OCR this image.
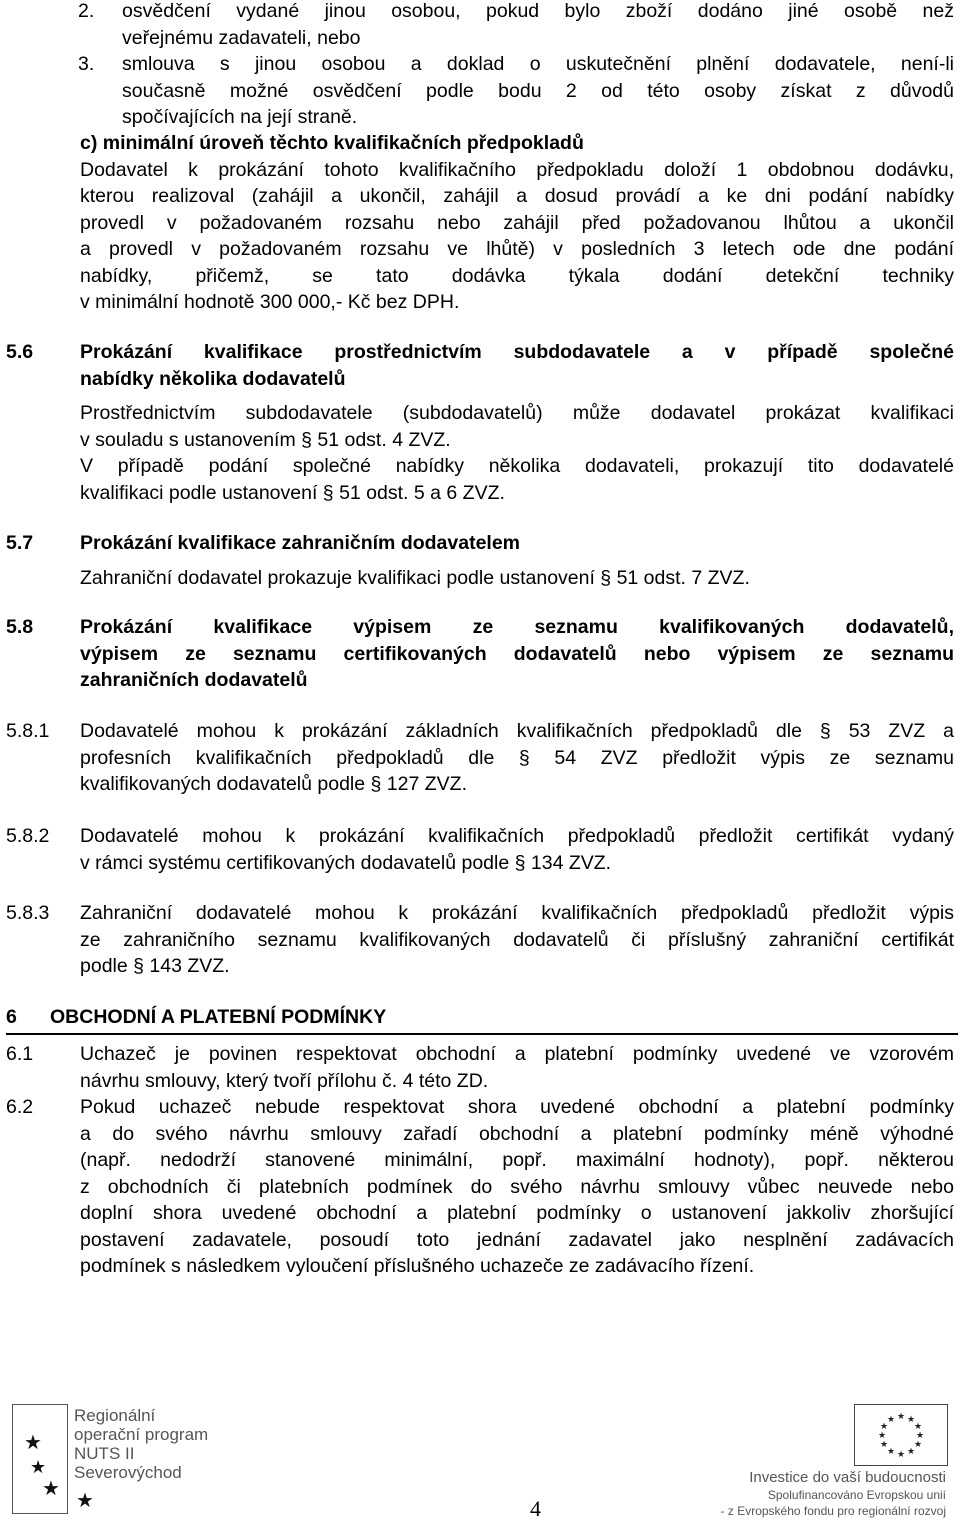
2. osvědčení vydané jinou osobou, pokud bylo zboží dodáno jiné osobě než
veřejnému zadavateli, nebo
3. smlouva s jinou osobou a doklad o uskutečnění plnění dodavatele, není-li
současně možné osvědčení podle bodu 2 od této osoby získat z důvodů
spočívajících na její straně.
c) minimální úroveň těchto kvalifikačních předpokladů
Dodavatel k prokázání tohoto kvalifikačního předpokladu doloží 1 obdobnou dodávku,
kterou realizoval (zahájil a ukončil, zahájil a dosud provádí a ke dni podání nabídky
provedl v požadovaném rozsahu nebo zahájil před požadovanou lhůtou a ukončil
a provedl v požadovaném rozsahu ve lhůtě) v posledních 3 letech ode dne podání
nabídky, přičemž, se tato dodávka týkala dodání detekční techniky
v minimální hodnotě 300 000,- Kč bez DPH.
5.6 Prokázání kvalifikace prostřednictvím subdodavatele a v případě společné
nabídky několika dodavatelů
Prostřednictvím subdodavatele (subdodavatelů) může dodavatel prokázat kvalifikaci
v souladu s ustanovením § 51 odst. 4 ZVZ.
V případě podání společné nabídky několika dodavateli, prokazují tito dodavatelé
kvalifikaci podle ustanovení § 51 odst. 5 a 6 ZVZ.
5.7 Prokázání kvalifikace zahraničním dodavatelem
Zahraniční dodavatel prokazuje kvalifikaci podle ustanovení § 51 odst. 7 ZVZ.
5.8 Prokázání kvalifikace výpisem ze seznamu kvalifikovaných dodavatelů,
výpisem ze seznamu certifikovaných dodavatelů nebo výpisem ze seznamu
zahraničních dodavatelů
5.8.1 Dodavatelé mohou k prokázání základních kvalifikačních předpokladů dle § 53 ZVZ a
profesních kvalifikačních předpokladů dle § 54 ZVZ předložit výpis ze seznamu
kvalifikovaných dodavatelů podle § 127 ZVZ.
5.8.2 Dodavatelé mohou k prokázání kvalifikačních předpokladů předložit certifikát vydaný
v rámci systému certifikovaných dodavatelů podle § 134 ZVZ.
5.8.3 Zahraniční dodavatelé mohou k prokázání kvalifikačních předpokladů předložit výpis
ze zahraničního seznamu kvalifikovaných dodavatelů či příslušný zahraniční certifikát
podle § 143 ZVZ.
6 OBCHODNÍ A PLATEBNÍ PODMÍNKY
6.1 Uchazeč je povinen respektovat obchodní a platební podmínky uvedené ve vzorovém
návrhu smlouvy, který tvoří přílohu č. 4 této ZD.
6.2 Pokud uchazeč nebude respektovat shora uvedené obchodní a platební podmínky
a do svého návrhu smlouvy zařadí obchodní a platební podmínky méně výhodné
(např. nedodrží stanovené minimální, popř. maximální hodnoty), popř. některou
z obchodních či platebních podmínek do svého návrhu smlouvy vůbec neuvede nebo
doplní shora uvedené obchodní a platební podmínky o ustanovení jakkoliv zhoršující
postavení zadavatele, posoudí toto jednání zadavatel jako nesplnění zadávacích
podmínek s následkem vyloučení příslušného uchazeče ze zadávacího řízení.
★
★
★
★
Regionální
operační program
NUTS II Severovýchod
4
★ ★
★
★
★
★
★
★
★
★
★
★
Investice do vaší budoucnosti
Spolufinancováno Evropskou unií
- z Evropského fondu pro regionální rozvoj
